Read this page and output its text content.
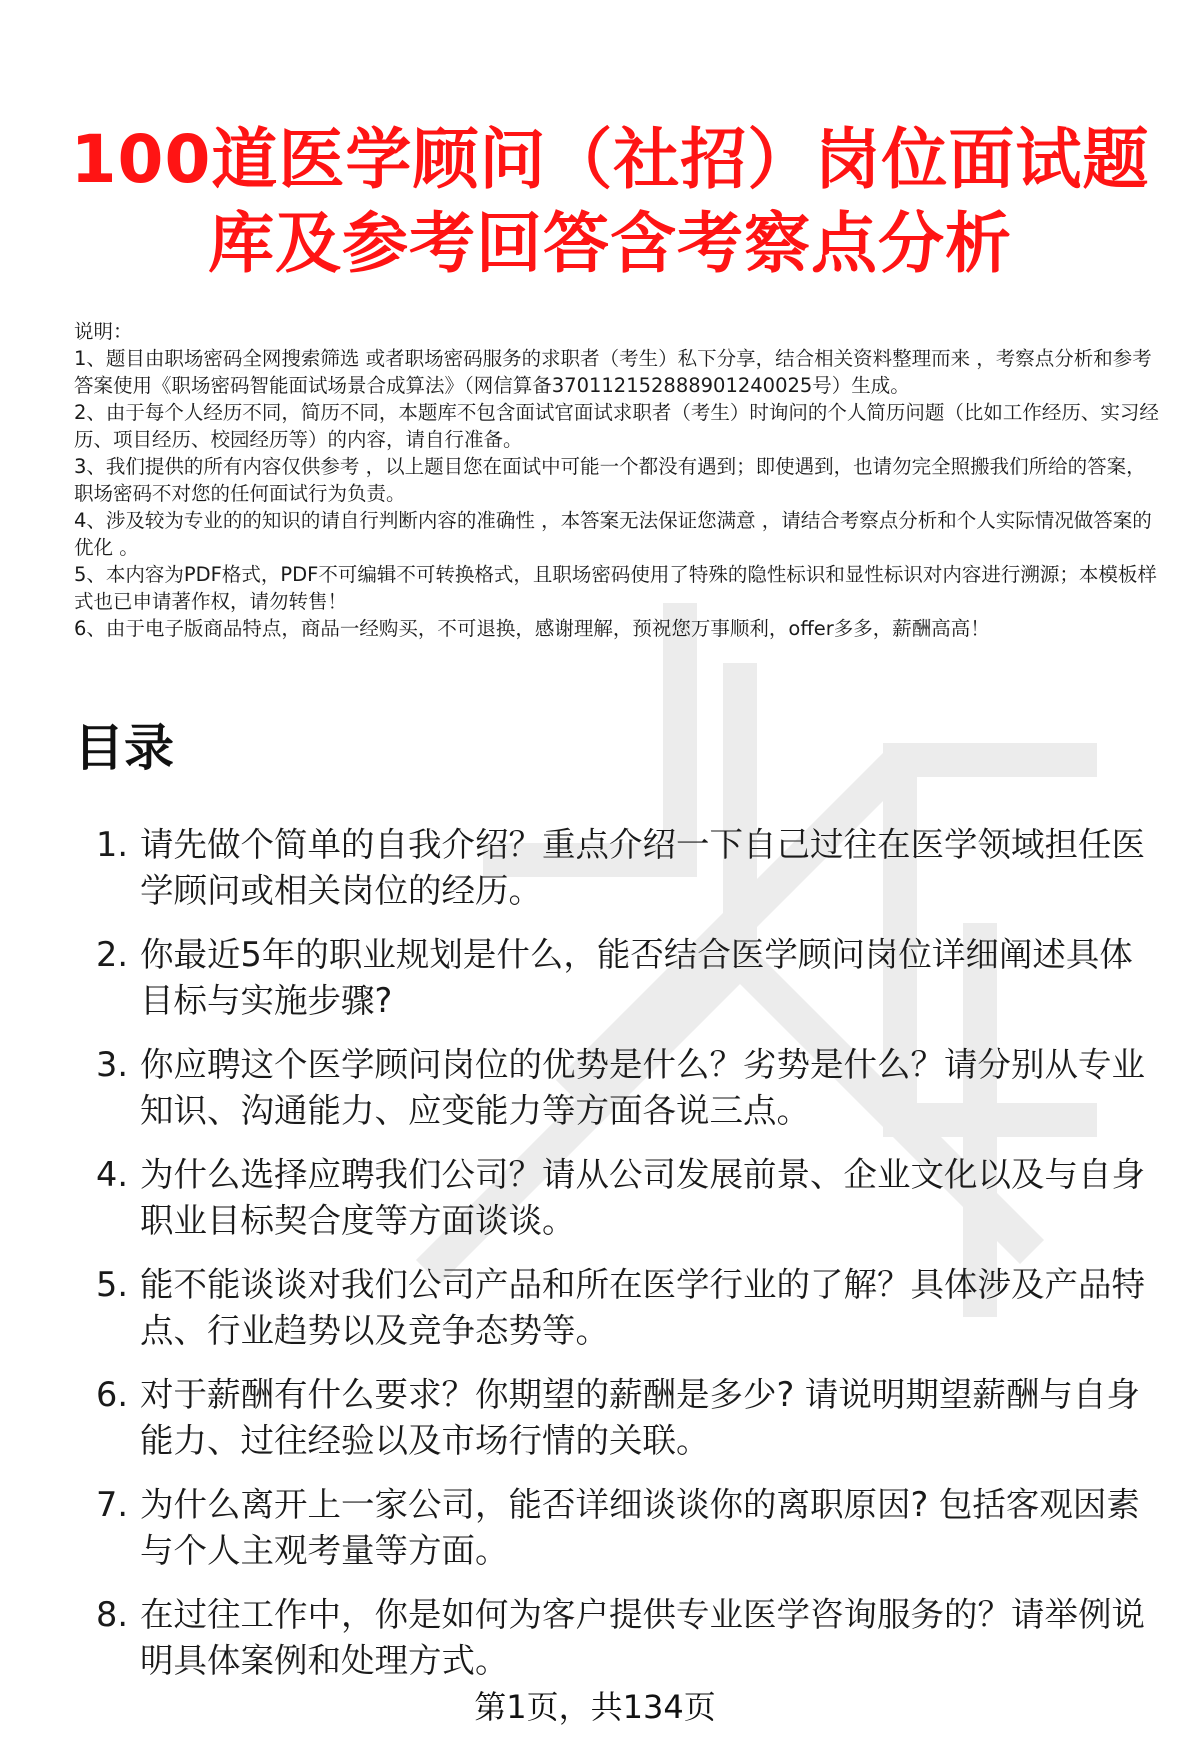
100道医学顾问（社招）岗位面试题
库及参考回答含考察点分析

说明：

1、题目由职场密码全网搜索筛选 或者职场密码服务的求职者（考生）私下分享，结合相关资料整理而来 ，考察点分析和参考答案使用《职场密码智能面试场景合成算法》（网信算备370112152888901240025号）生成。

2、由于每个人经历不同，简历不同，本题库不包含面试官面试求职者（考生）时询问的个人简历问题（比如工作经历、实习经历、项目经历、校园经历等）的内容，请自行准备。

3、我们提供的所有内容仅供参考 ，以上题目您在面试中可能一个都没有遇到；即使遇到，也请勿完全照搬我们所给的答案，职场密码不对您的任何面试行为负责。

4、涉及较为专业的的知识的请自行判断内容的准确性 ，本答案无法保证您满意 ，请结合考察点分析和个人实际情况做答案的优化 。

5、本内容为PDF格式，PDF不可编辑不可转换格式，且职场密码使用了特殊的隐性标识和显性标识对内容进行溯源；本模板样式也已申请著作权，请勿转售！

6、由于电子版商品特点，商品一经购买，不可退换，感谢理解，预祝您万事顺利，offer多多，薪酬高高！

目录
1. 请先做个简单的自我介绍？重点介绍一下自己过往在医学领域担任医学顾问或相关岗位的经历。
2. 你最近5年的职业规划是什么，能否结合医学顾问岗位详细阐述具体目标与实施步骤?
3. 你应聘这个医学顾问岗位的优势是什么？劣势是什么？请分别从专业知识、沟通能力、应变能力等方面各说三点。
4. 为什么选择应聘我们公司？请从公司发展前景、企业文化以及与自身职业目标契合度等方面谈谈。
5. 能不能谈谈对我们公司产品和所在医学行业的了解？具体涉及产品特点、行业趋势以及竞争态势等。
6. 对于薪酬有什么要求？你期望的薪酬是多少? 请说明期望薪酬与自身能力、过往经验以及市场行情的关联。
7. 为什么离开上一家公司，能否详细谈谈你的离职原因? 包括客观因素与个人主观考量等方面。
8. 在过往工作中，你是如何为客户提供专业医学咨询服务的？请举例说明具体案例和处理方式。
第1页，共134页
